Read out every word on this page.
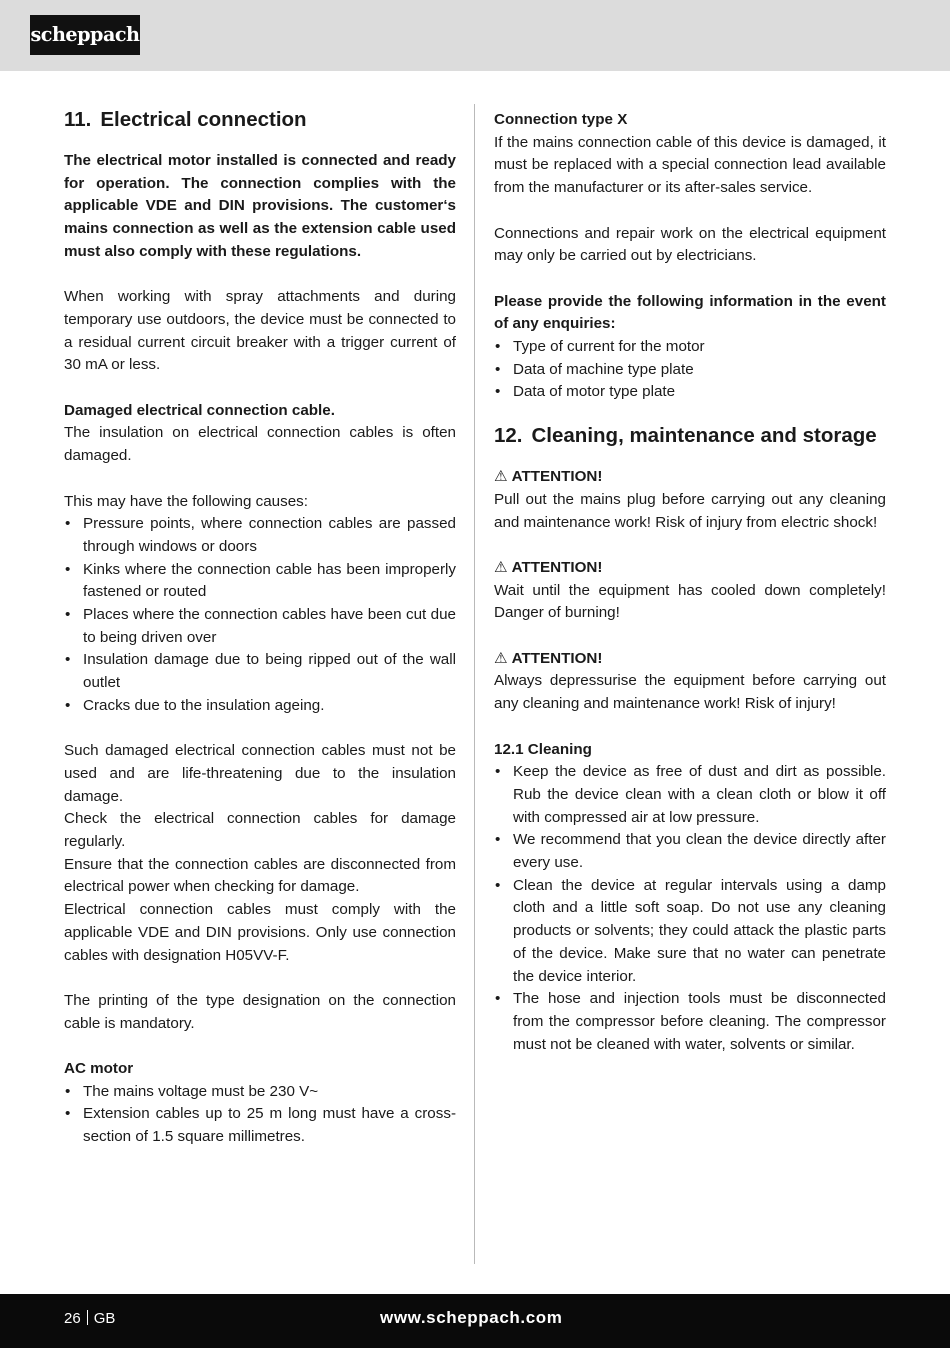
scheppach
11. Electrical connection

The electrical motor installed is connected and ready for operation. The connection complies with the applicable VDE and DIN provisions. The customer‘s mains connection as well as the extension cable used must also comply with these regulations.

When working with spray attachments and during temporary use outdoors, the device must be connected to a residual current circuit breaker with a trigger current of 30 mA or less.

Damaged electrical connection cable.

The insulation on electrical connection cables is often damaged.

This may have the following causes:

• Pressure points, where connection cables are passed through windows or doors
• Kinks where the connection cable has been improperly fastened or routed
• Places where the connection cables have been cut due to being driven over
• Insulation damage due to being ripped out of the wall outlet
• Cracks due to the insulation ageing.

Such damaged electrical connection cables must not be used and are life-threatening due to the insulation damage.

Check the electrical connection cables for damage regularly.

Ensure that the connection cables are disconnected from electrical power when checking for damage.

Electrical connection cables must comply with the applicable VDE and DIN provisions. Only use connection cables with designation H05VV-F.

The printing of the type designation on the connection cable is mandatory.

AC motor

• The mains voltage must be 230 V~
• Extension cables up to 25 m long must have a cross-section of 1.5 square millimetres.

Connection type X

If the mains connection cable of this device is damaged, it must be replaced with a special connection lead available from the manufacturer or its after-sales service.

Connections and repair work on the electrical equipment may only be carried out by electricians.

Please provide the following information in the event of any enquiries:

• Type of current for the motor
• Data of machine type plate
• Data of motor type plate
12. Cleaning, maintenance and storage

⚠ ATTENTION!

Pull out the mains plug before carrying out any cleaning and maintenance work! Risk of injury from electric shock!

⚠ ATTENTION!

Wait until the equipment has cooled down completely! Danger of burning!

⚠ ATTENTION!

Always depressurise the equipment before carrying out any cleaning and maintenance work! Risk of injury!

12.1 Cleaning

• Keep the device as free of dust and dirt as possible. Rub the device clean with a clean cloth or blow it off with compressed air at low pressure.
• We recommend that you clean the device directly after every use.
• Clean the device at regular intervals using a damp cloth and a little soft soap. Do not use any cleaning products or solvents; they could attack the plastic parts of the device. Make sure that no water can penetrate the device interior.
• The hose and injection tools must be disconnected from the compressor before cleaning. The compressor must not be cleaned with water, solvents or similar.
26 GB	www.scheppach.com
